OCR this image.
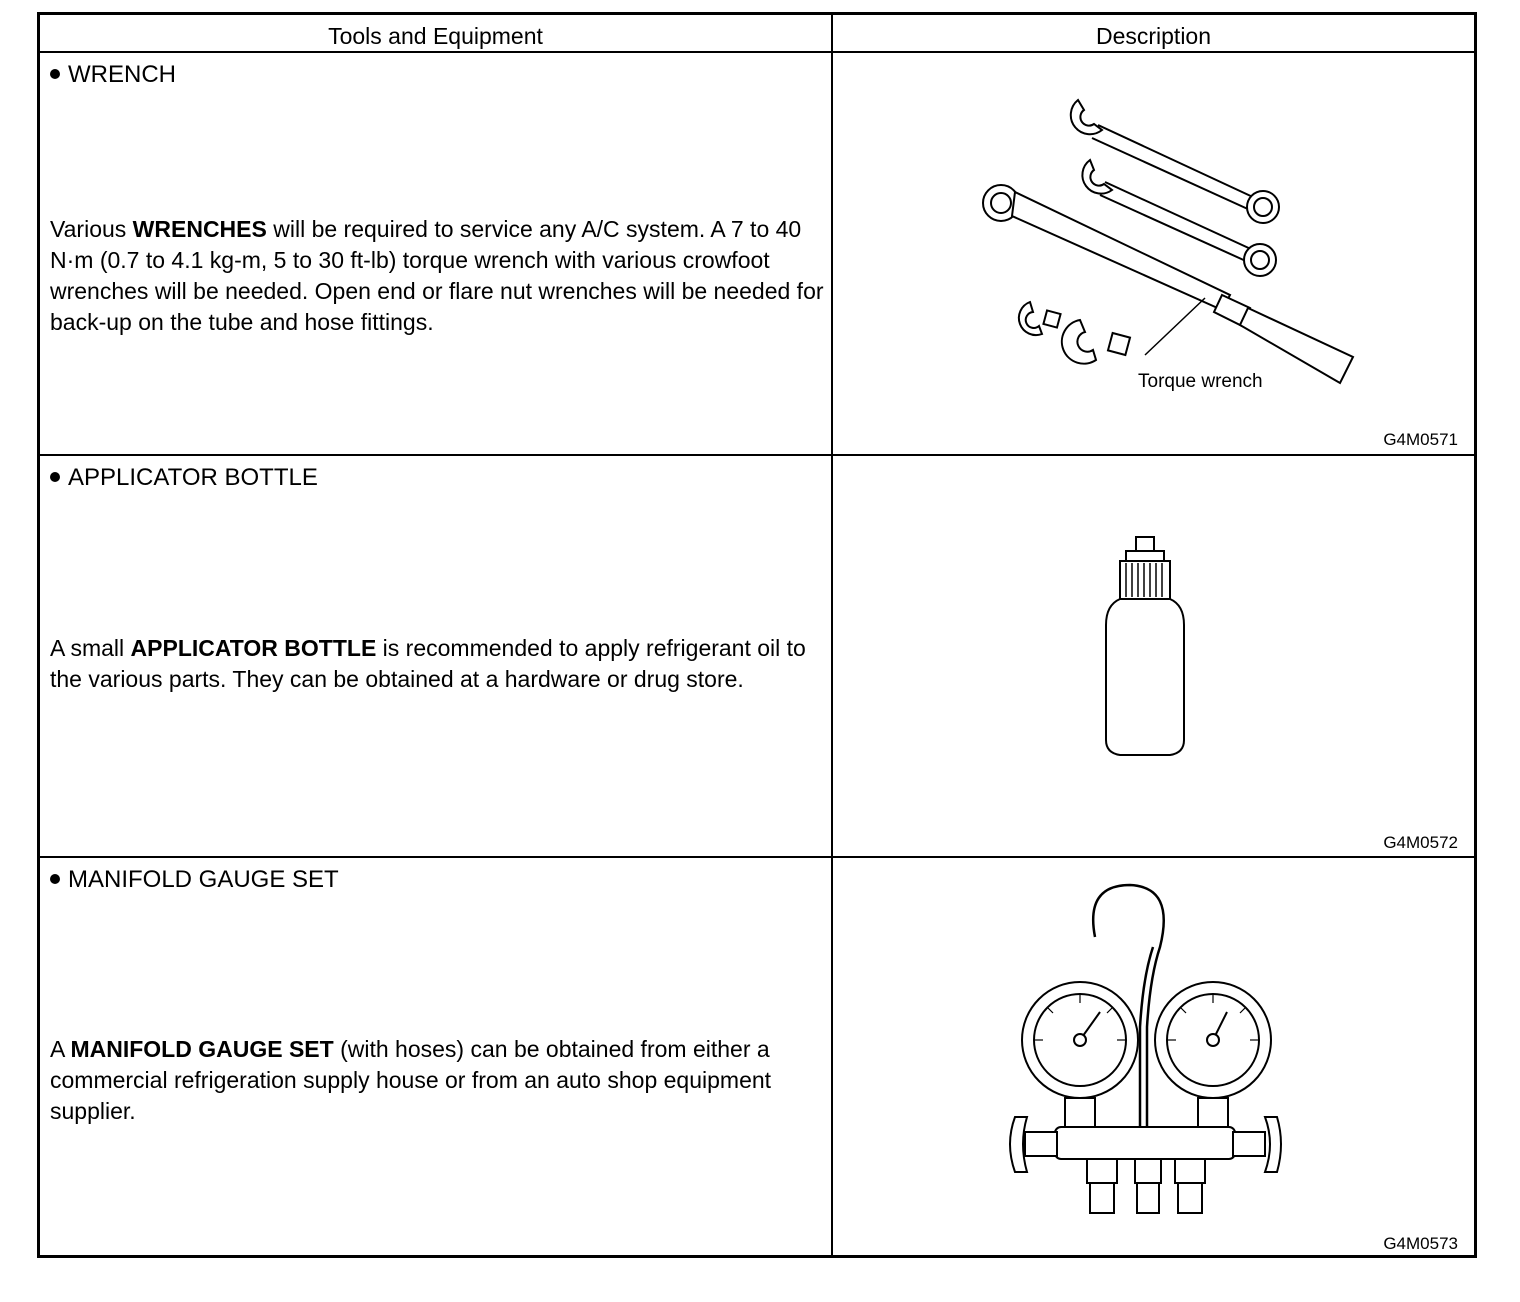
Tools and Equipment	Description
WRENCH
Various WRENCHES will be required to service any A/C system. A 7 to 40 N·m (0.7 to 4.1 kg-m, 5 to 30 ft-lb) torque wrench with various crowfoot wrenches will be needed. Open end or flare nut wrenches will be needed for back-up on the tube and hose fittings.
G4M0571
Torque wrench
APPLICATOR BOTTLE
A small APPLICATOR BOTTLE is recommended to apply refrigerant oil to the various parts. They can be obtained at a hardware or drug store.
G4M0572
MANIFOLD GAUGE SET
A MANIFOLD GAUGE SET (with hoses) can be obtained from either a commercial refrigeration supply house or from an auto shop equipment supplier.
G4M0573
